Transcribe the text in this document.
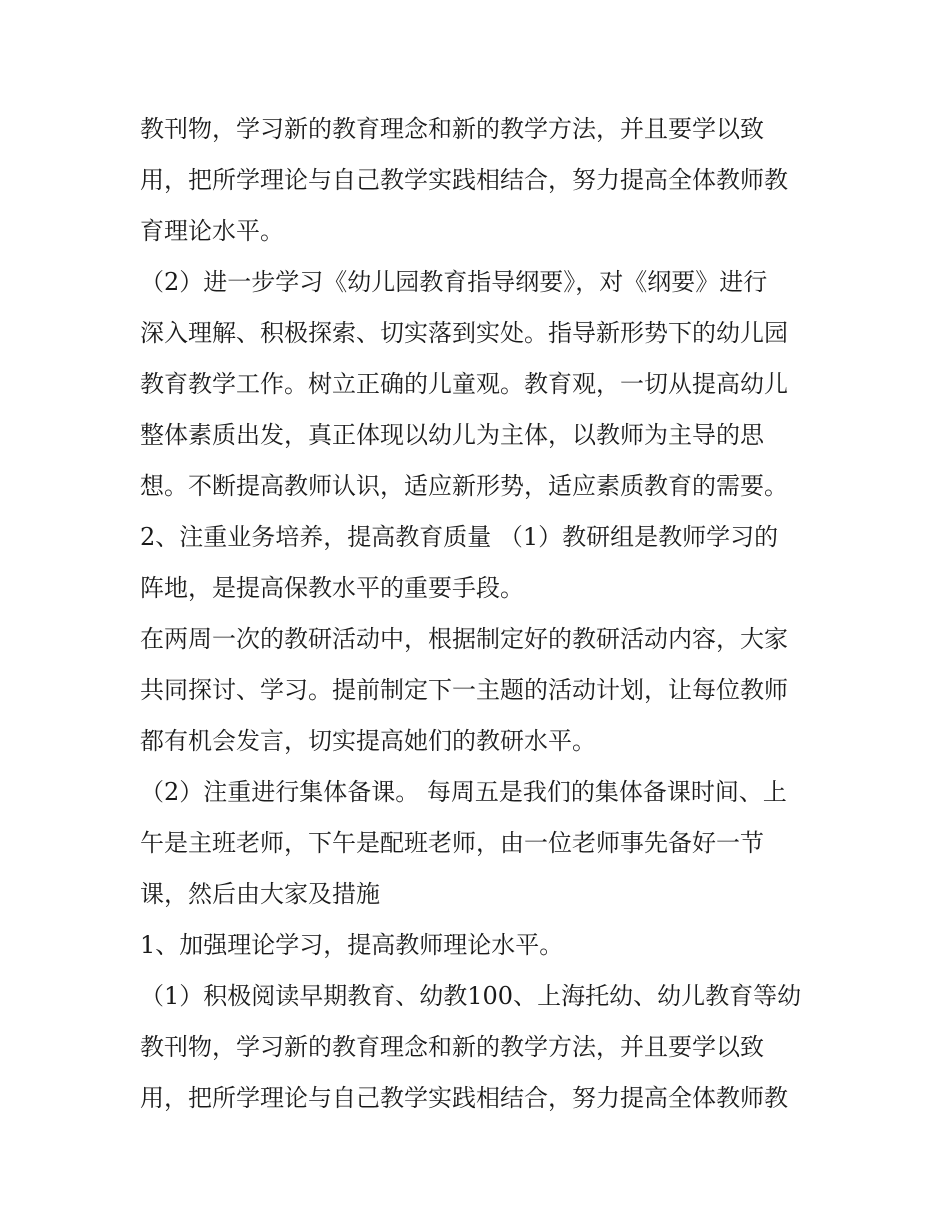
教刊物，学习新的教育理念和新的教学方法，并且要学以致
用，把所学理论与自己教学实践相结合，努力提高全体教师教
育理论水平。
（2）进一步学习《幼儿园教育指导纲要》，对《纲要》进行
深入理解、积极探索、切实落到实处。指导新形势下的幼儿园
教育教学工作。树立正确的儿童观。教育观，一切从提高幼儿
整体素质出发，真正体现以幼儿为主体，以教师为主导的思
想。不断提高教师认识，适应新形势，适应素质教育的需要。
2、注重业务培养，提高教育质量 （1）教研组是教师学习的
阵地，是提高保教水平的重要手段。
在两周一次的教研活动中，根据制定好的教研活动内容，大家
共同探讨、学习。提前制定下一主题的活动计划，让每位教师
都有机会发言，切实提高她们的教研水平。
（2）注重进行集体备课。 每周五是我们的集体备课时间、上
午是主班老师，下午是配班老师，由一位老师事先备好一节
课，然后由大家及措施
1、加强理论学习，提高教师理论水平。
（1）积极阅读早期教育、幼教100、上海托幼、幼儿教育等幼
教刊物，学习新的教育理念和新的教学方法，并且要学以致
用，把所学理论与自己教学实践相结合，努力提高全体教师教
